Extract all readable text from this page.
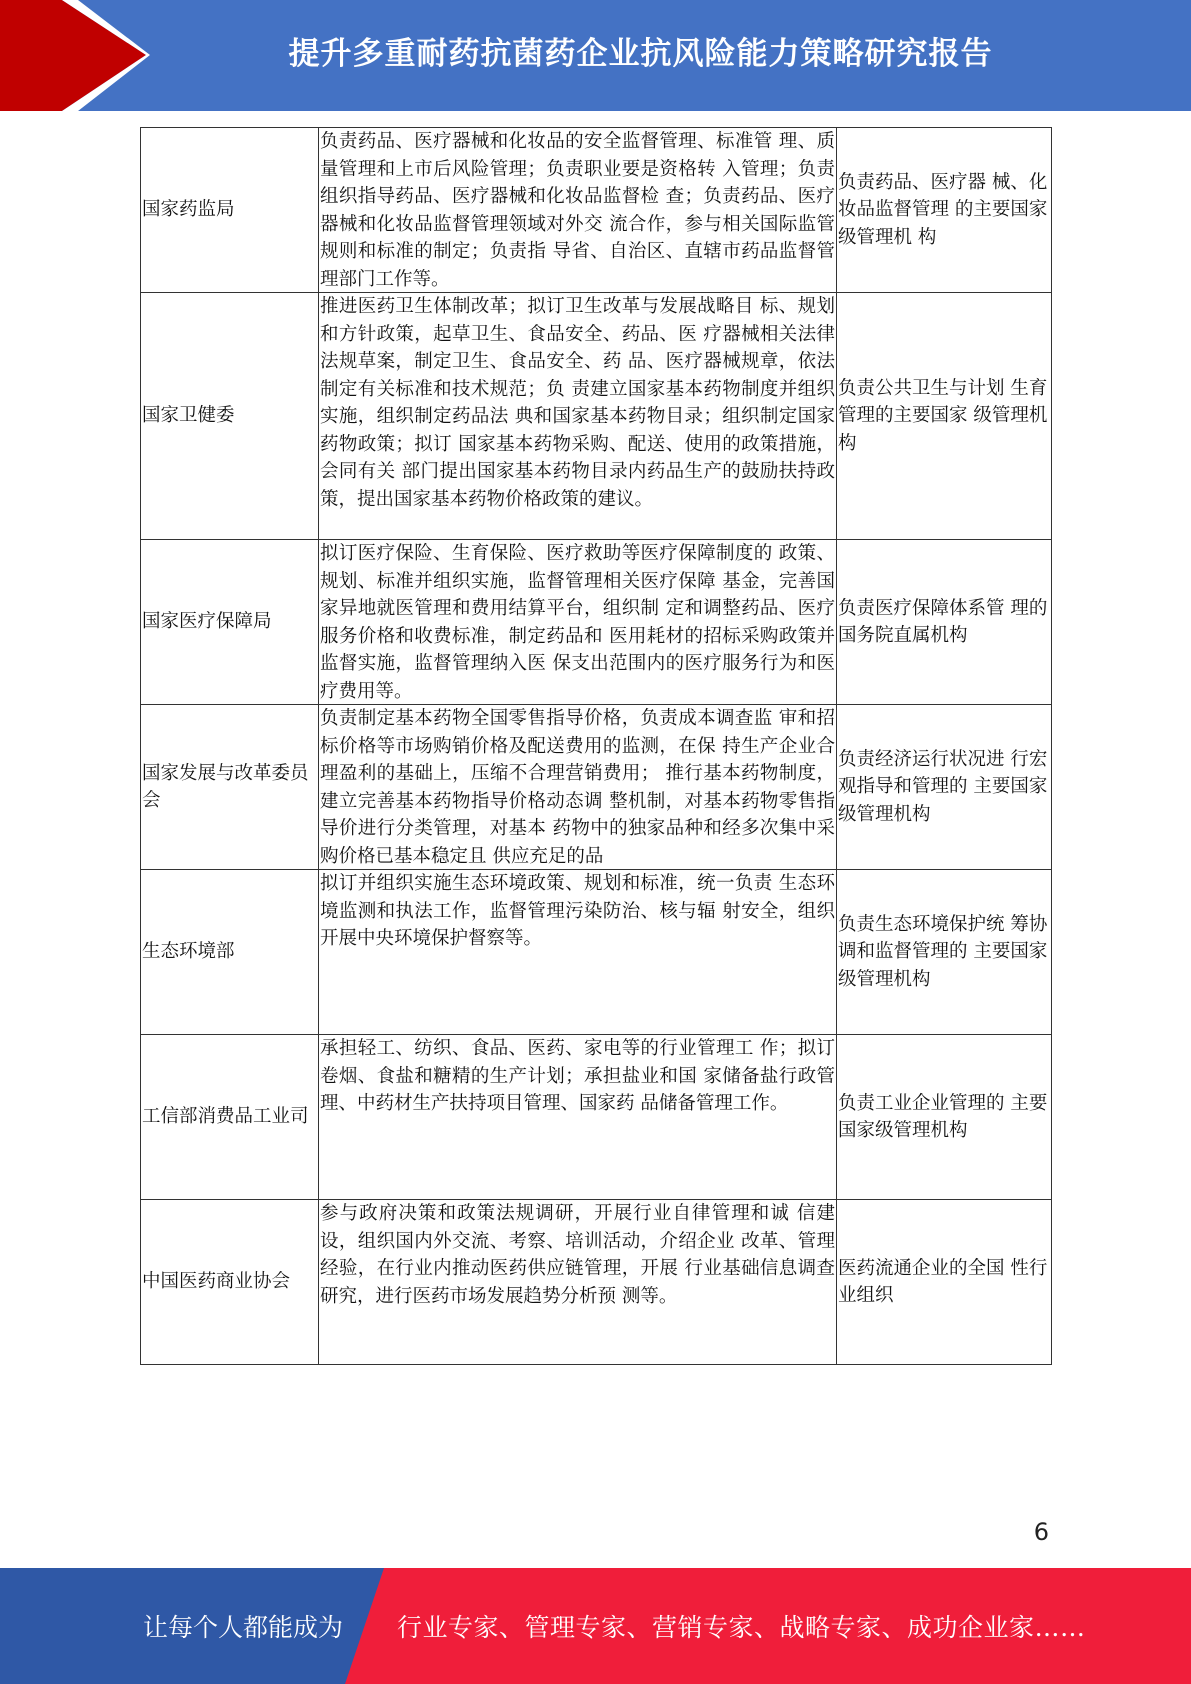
提升多重耐药抗菌药企业抗风险能力策略研究报告
国家药监局	负责药品、医疗器械和化妆品的安全监督管理、标准管 理、质量管理和上市后风险管理；负责职业要是资格转 入管理；负责组织指导药品、医疗器械和化妆品监督检 查；负责药品、医疗器械和化妆品监督管理领域对外交 流合作，参与相关国际监管规则和标准的制定；负责指 导省、自治区、直辖市药品监督管理部门工作等。	负责药品、医疗器 械、化妆品监督管理 的主要国家级管理机 构
国家卫健委	推进医药卫生体制改革；拟订卫生改革与发展战略目 标、规划和方针政策，起草卫生、食品安全、药品、医 疗器械相关法律法规草案，制定卫生、食品安全、药 品、医疗器械规章，依法制定有关标准和技术规范；负 责建立国家基本药物制度并组织实施，组织制定药品法 典和国家基本药物目录；组织制定国家药物政策；拟订 国家基本药物采购、配送、使用的政策措施，会同有关 部门提出国家基本药物目录内药品生产的鼓励扶持政 策，提出国家基本药物价格政策的建议。	负责公共卫生与计划 生育管理的主要国家 级管理机构
国家医疗保障局	拟订医疗保险、生育保险、医疗救助等医疗保障制度的 政策、规划、标准并组织实施，监督管理相关医疗保障 基金，完善国家异地就医管理和费用结算平台，组织制 定和调整药品、医疗服务价格和收费标准，制定药品和 医用耗材的招标采购政策并监督实施，监督管理纳入医 保支出范围内的医疗服务行为和医疗费用等。	负责医疗保障体系管 理的国务院直属机构
国家发展与改革委员会	负责制定基本药物全国零售指导价格，负责成本调查监 审和招标价格等市场购销价格及配送费用的监测，在保 持生产企业合理盈利的基础上，压缩不合理营销费用； 推行基本药物制度，建立完善基本药物指导价格动态调 整机制，对基本药物零售指导价进行分类管理，对基本 药物中的独家品种和经多次集中采购价格已基本稳定且 供应充足的品	负责经济运行状况进 行宏观指导和管理的 主要国家级管理机构
生态环境部	拟订并组织实施生态环境政策、规划和标准，统一负责 生态环境监测和执法工作，监督管理污染防治、核与辐 射安全，组织开展中央环境保护督察等。	负责生态环境保护统 筹协调和监督管理的 主要国家级管理机构
工信部消费品工业司	承担轻工、纺织、食品、医药、家电等的行业管理工 作；拟订卷烟、食盐和糖精的生产计划；承担盐业和国 家储备盐行政管理、中药材生产扶持项目管理、国家药 品储备管理工作。	负责工业企业管理的 主要国家级管理机构
中国医药商业协会	参与政府决策和政策法规调研，开展行业自律管理和诚 信建设，组织国内外交流、考察、培训活动，介绍企业 改革、管理经验，在行业内推动医药供应链管理，开展 行业基础信息调查研究，进行医药市场发展趋势分析预 测等。	医药流通企业的全国 性行业组织
6
让每个人都能成为 行业专家、管理专家、营销专家、战略专家、成功企业家……
